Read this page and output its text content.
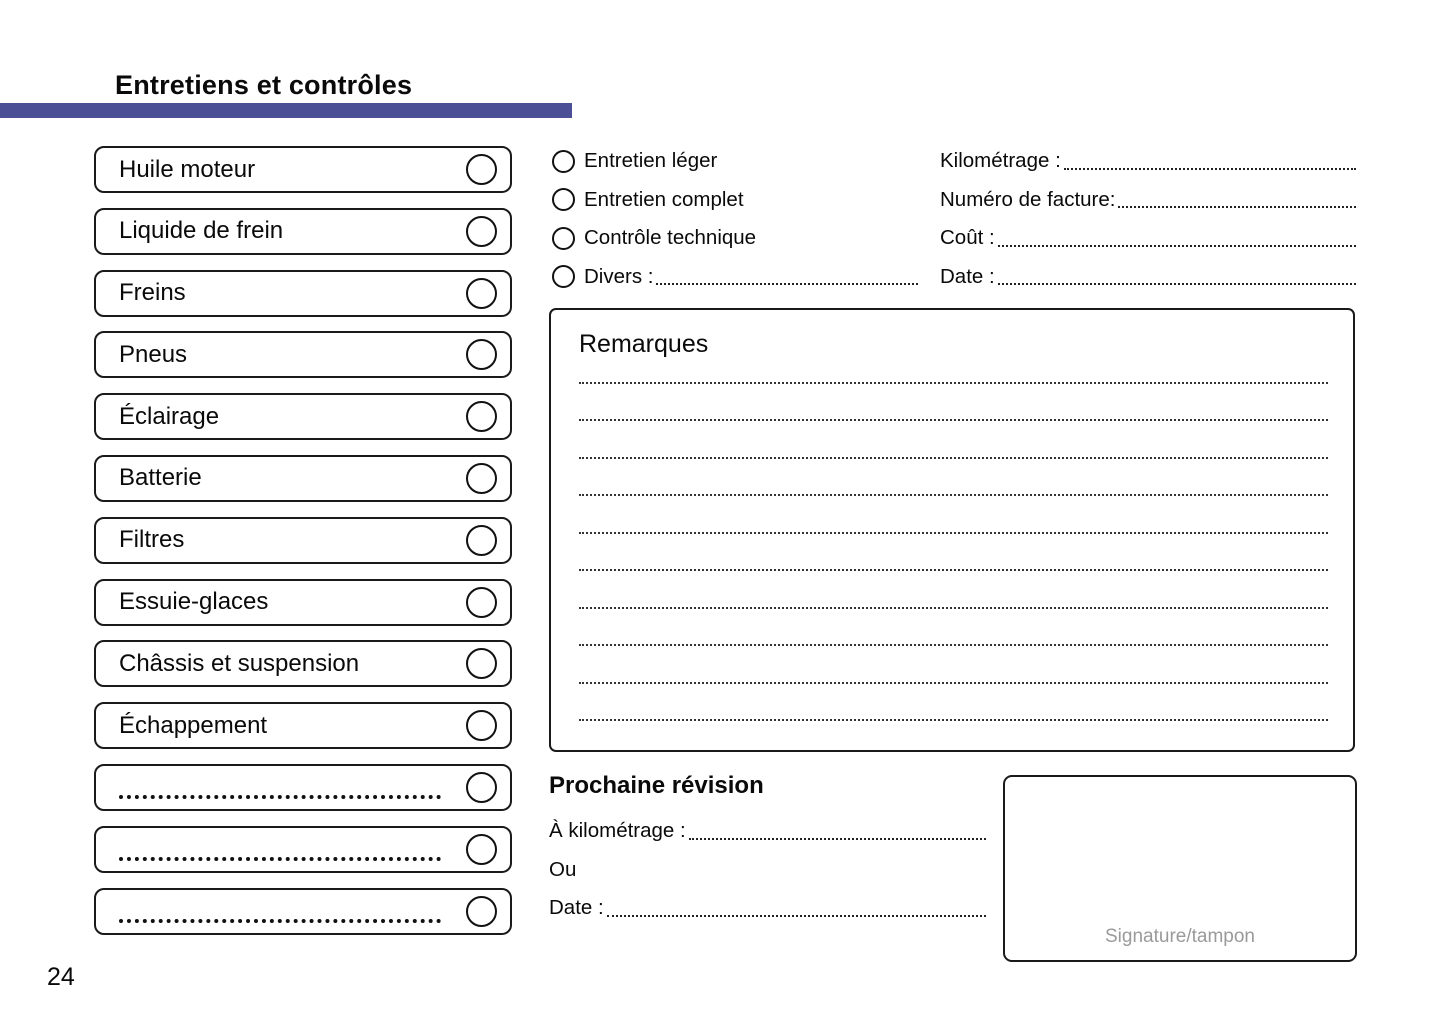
Entretiens et contrôles
Huile moteur
Liquide de frein
Freins
Pneus
Éclairage
Batterie
Filtres
Essuie-glaces
Châssis et suspension
Échappement
Entretien léger
Entretien complet
Contrôle technique
Divers :
Kilométrage :
Numéro de facture:
Coût :
Date :
Remarques
Prochaine révision
À kilométrage :
Ou
Date :
Signature/tampon
24
